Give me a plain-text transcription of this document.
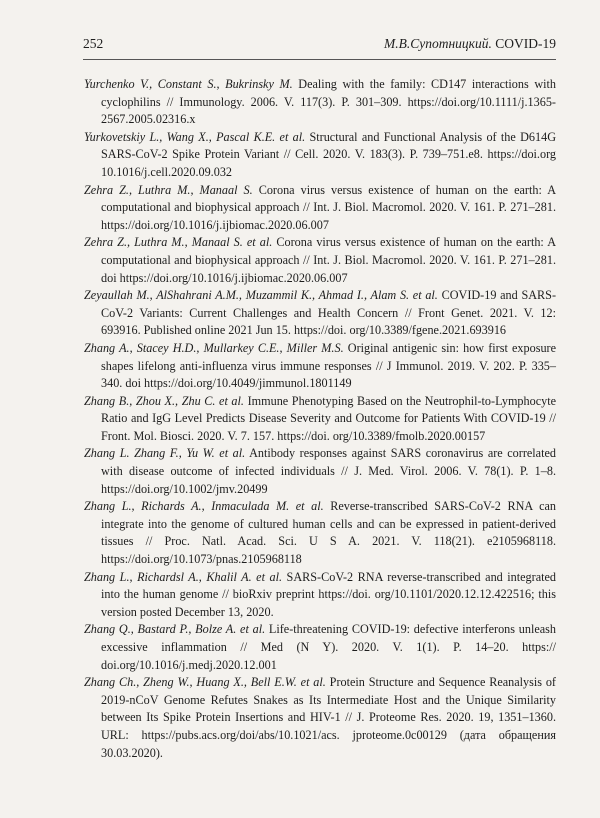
252	М.В.Супотницкий. COVID-19

Yurchenko V., Constant S., Bukrinsky M. Dealing with the family: CD147 interactions with cyclophilins // Immunology. 2006. V. 117(3). P. 301–309. https://doi.org/10.1111/j.1365-2567.2005.02316.x

Yurkovetskiy L., Wang X., Pascal K.E. et al. Structural and Functional Analysis of the D614G SARS-CoV-2 Spike Protein Variant // Cell. 2020. V. 183(3). P. 739–751.e8. https://doi.org 10.1016/j.cell.2020.09.032

Zehra Z., Luthra M., Manaal S. Corona virus versus existence of human on the earth: A computational and biophysical approach // Int. J. Biol. Macromol. 2020. V. 161. P. 271–281. https://doi.org/10.1016/j.ijbiomac.2020.06.007

Zehra Z., Luthra M., Manaal S. et al. Corona virus versus existence of human on the earth: A computational and biophysical approach // Int. J. Biol. Macromol. 2020. V. 161. P. 271–281. doi https://doi.org/10.1016/j.ijbiomac.2020.06.007

Zeyaullah M., AlShahrani A.M., Muzammil K., Ahmad I., Alam S. et al. COVID-19 and SARS-CoV-2 Variants: Current Challenges and Health Concern // Front Genet. 2021. V. 12: 693916. Published online 2021 Jun 15. https://doi. org/10.3389/fgene.2021.693916

Zhang A., Stacey H.D., Mullarkey C.E., Miller M.S. Original antigenic sin: how first exposure shapes lifelong anti-influenza virus immune responses // J Immunol. 2019. V. 202. P. 335–340. doi https://doi.org/10.4049/jimmunol.1801149

Zhang B., Zhou X., Zhu C. et al. Immune Phenotyping Based on the Neutrophil-to-Lymphocyte Ratio and IgG Level Predicts Disease Severity and Outcome for Patients With COVID-19 // Front. Mol. Biosci. 2020. V. 7. 157. https://doi. org/10.3389/fmolb.2020.00157

Zhang L. Zhang F., Yu W. et al. Antibody responses against SARS coronavirus are correlated with disease outcome of infected individuals // J. Med. Virol. 2006. V. 78(1). P. 1–8. https://doi.org/10.1002/jmv.20499

Zhang L., Richards A., Inmaculada M. et al. Reverse-transcribed SARS-CoV-2 RNA can integrate into the genome of cultured human cells and can be expressed in patient-derived tissues // Proc. Natl. Acad. Sci. U S A. 2021. V. 118(21). e2105968118. https://doi.org/10.1073/pnas.2105968118

Zhang L., Richardsl A., Khalil A. et al. SARS-CoV-2 RNA reverse-transcribed and integrated into the human genome // bioRxiv preprint https://doi. org/10.1101/2020.12.12.422516; this version posted December 13, 2020.

Zhang Q., Bastard P., Bolze A. et al. Life-threatening COVID-19: defective interferons unleash excessive inflammation // Med (N Y). 2020. V. 1(1). P. 14–20. https:// doi.org/10.1016/j.medj.2020.12.001

Zhang Ch., Zheng W., Huang X., Bell E.W. et al. Protein Structure and Sequence Reanalysis of 2019-nCoV Genome Refutes Snakes as Its Intermediate Host and the Unique Similarity between Its Spike Protein Insertions and HIV-1 // J. Proteome Res. 2020. 19, 1351–1360. URL: https://pubs.acs.org/doi/abs/10.1021/acs. jproteome.0c00129 (дата обращения 30.03.2020).
